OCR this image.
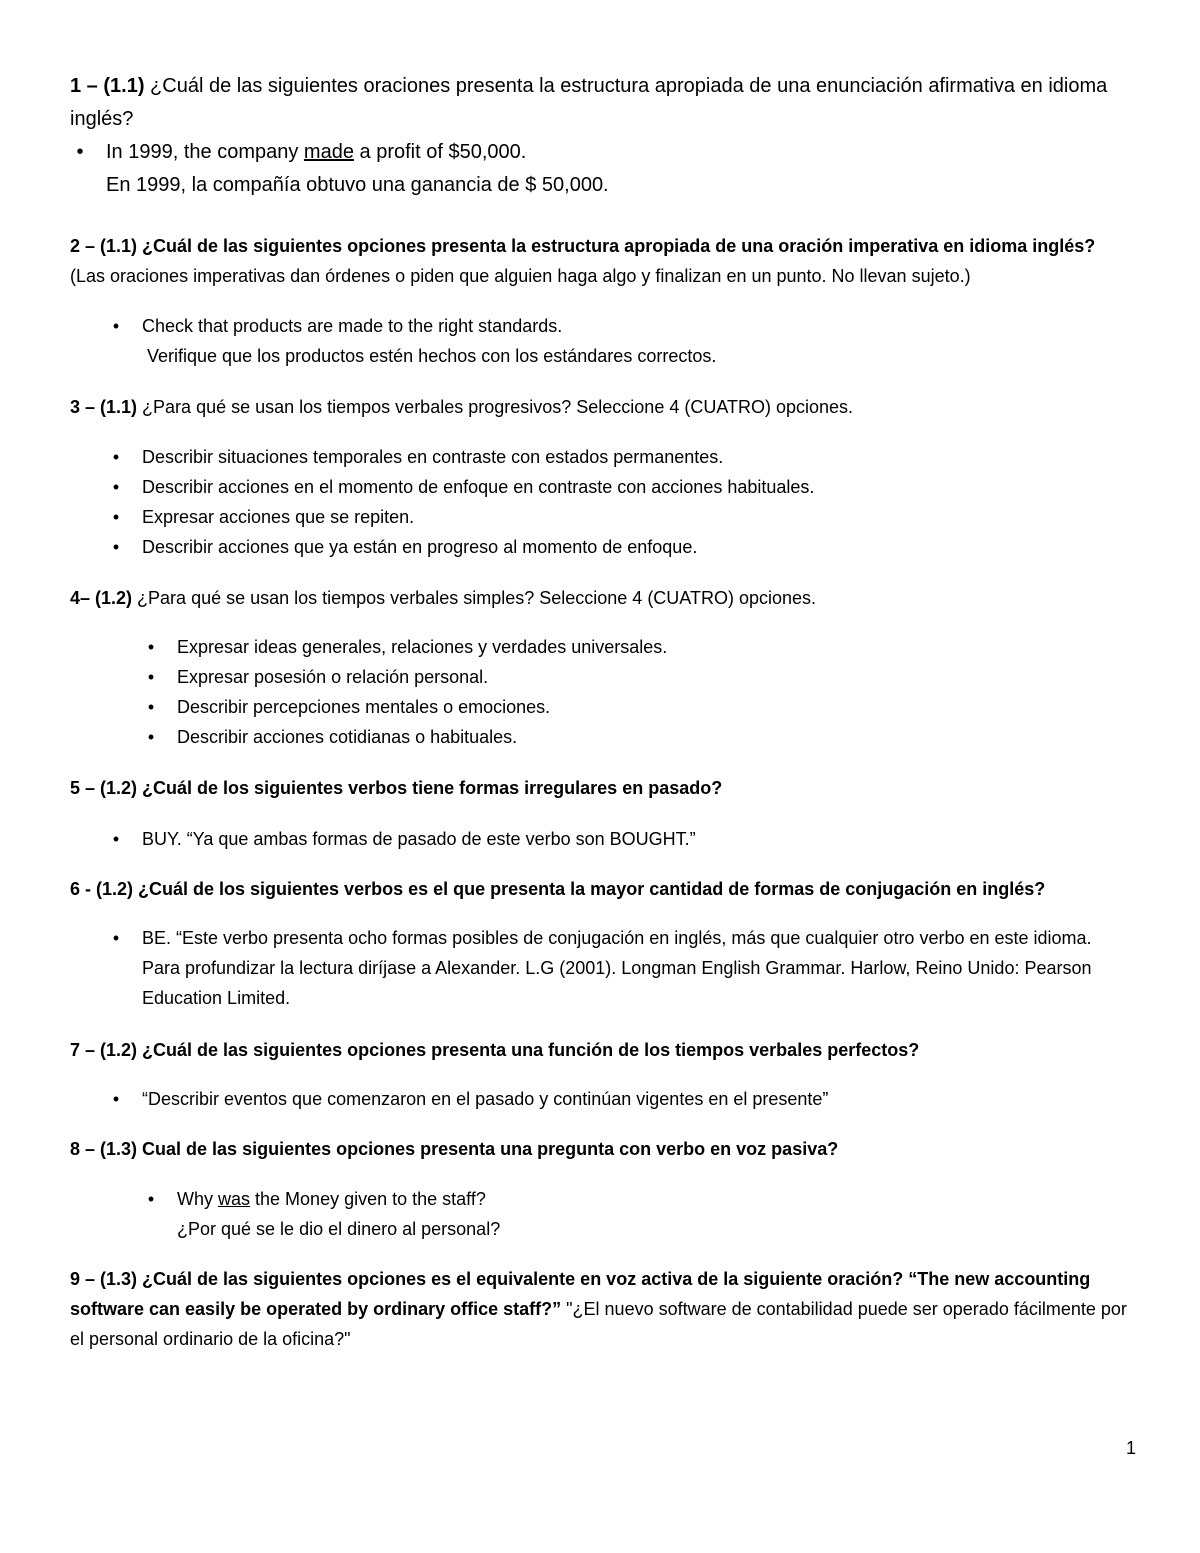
1 – (1.1) ¿Cuál de las siguientes oraciones presenta la estructura apropiada de una enunciación afirmativa en idioma inglés?
•	In 1999, the company made a profit of $50,000.
En 1999, la compañía obtuvo una ganancia de $ 50,000.
2 – (1.1) ¿Cuál de las siguientes opciones presenta la estructura apropiada de una oración imperativa en idioma inglés? (Las oraciones imperativas dan órdenes o piden que alguien haga algo y finalizan en un punto. No llevan sujeto.)
•	Check that products are made to the right standards.
Verifique que los productos estén hechos con los estándares correctos.
3 – (1.1) ¿Para qué se usan los tiempos verbales progresivos? Seleccione 4 (CUATRO) opciones.
•	Describir situaciones temporales en contraste con estados permanentes.
•	Describir acciones en el momento de enfoque en contraste con acciones habituales.
•	Expresar acciones que se repiten.
•	Describir acciones que ya están en progreso al momento de enfoque.
4– (1.2) ¿Para qué se usan los tiempos verbales simples? Seleccione 4 (CUATRO) opciones.
•	Expresar ideas generales, relaciones y verdades universales.
•	Expresar posesión o relación personal.
•	Describir percepciones mentales o emociones.
•	Describir acciones cotidianas o habituales.
5 – (1.2) ¿Cuál de los siguientes verbos tiene formas irregulares en pasado?
•	BUY. “Ya que ambas formas de pasado de este verbo son BOUGHT.”
6 - (1.2) ¿Cuál de los siguientes verbos es el que presenta la mayor cantidad de formas de conjugación en inglés?
•	BE. “Este verbo presenta ocho formas posibles de conjugación en inglés, más que cualquier otro verbo en este idioma. Para profundizar la lectura diríjase a Alexander. L.G (2001). Longman English Grammar. Harlow, Reino Unido: Pearson Education Limited.
7 – (1.2) ¿Cuál de las siguientes opciones presenta una función de los tiempos verbales perfectos?
•	“Describir eventos que comenzaron en el pasado y continúan vigentes en el presente”
8 – (1.3) Cual de las siguientes opciones presenta una pregunta con verbo en voz pasiva?
•	Why was the Money given to the staff?
¿Por qué se le dio el dinero al personal?
9 – (1.3) ¿Cuál de las siguientes opciones es el equivalente en voz activa de la siguiente oración? “The new accounting software can easily be operated by ordinary office staff?” "¿El nuevo software de contabilidad puede ser operado fácilmente por el personal ordinario de la oficina?"
1
